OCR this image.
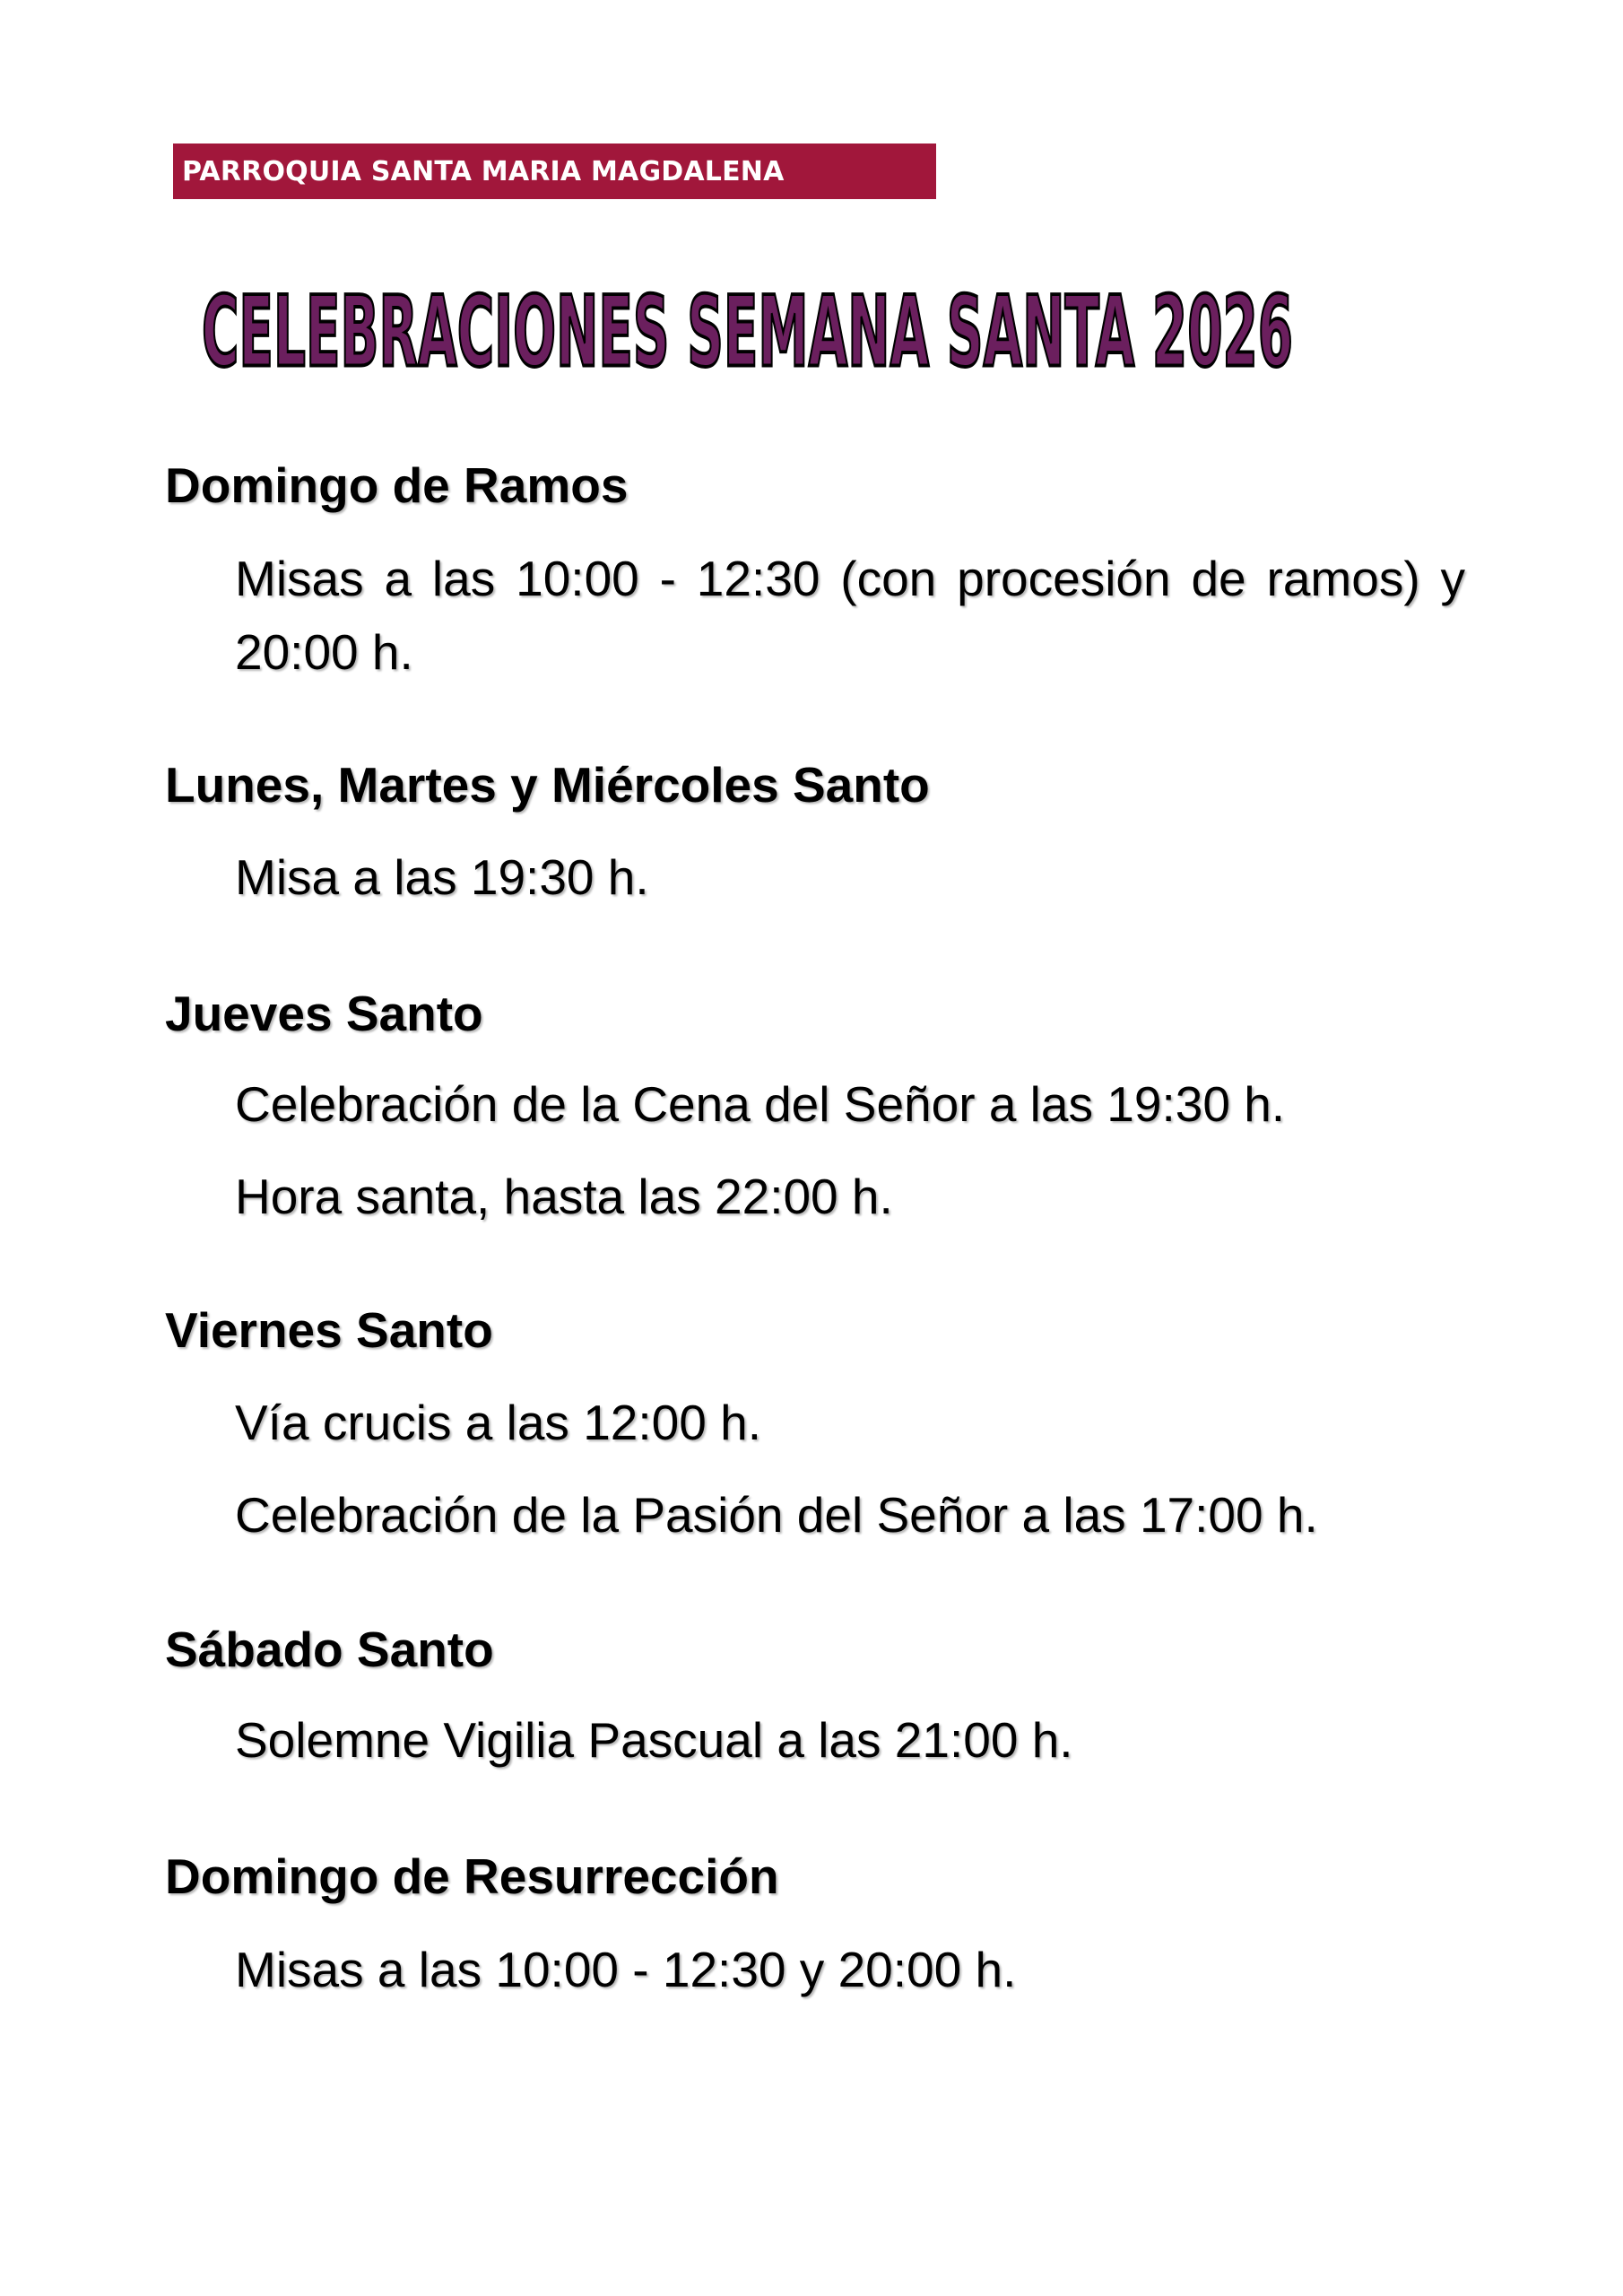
PARROQUIA SANTA MARIA MAGDALENA
CELEBRACIONES SEMANA SANTA 2026
Domingo de Ramos

Misas a las 10:00 - 12:30 (con procesión de ramos) y 20:00 h.

Lunes, Martes y Miércoles Santo

Misa a las 19:30 h.

Jueves Santo

Celebración de la Cena del Señor a las 19:30 h.

Hora santa, hasta las 22:00 h.

Viernes Santo

Vía crucis a las 12:00 h.

Celebración de la Pasión del Señor a las 17:00 h.

Sábado Santo

Solemne Vigilia Pascual a las 21:00 h.

Domingo de Resurrección

Misas a las 10:00 - 12:30 y 20:00 h.
